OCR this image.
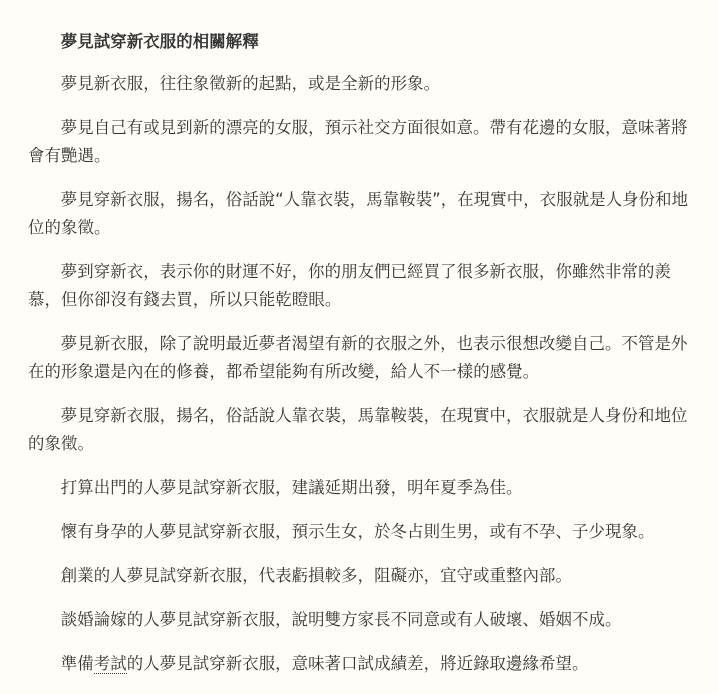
夢見試穿新衣服的相關解釋

夢見新衣服，往往象徵新的起點，或是全新的形象。

夢見自己有或見到新的漂亮的女服，預示社交方面很如意。帶有花邊的女服，意味著將會有艷遇。

夢見穿新衣服，揚名，俗話說“人靠衣裝，馬靠鞍裝”，在現實中，衣服就是人身份和地位的象徵。

夢到穿新衣，表示你的財運不好，你的朋友們已經買了很多新衣服，你雖然非常的羨慕，但你卻沒有錢去買，所以只能乾瞪眼。

夢見新衣服，除了說明最近夢者渴望有新的衣服之外，也表示很想改變自己。不管是外在的形象還是內在的修養，都希望能夠有所改變，給人不一樣的感覺。

夢見穿新衣服，揚名，俗話說人靠衣裝，馬靠鞍裝，在現實中，衣服就是人身份和地位的象徵。

打算出門的人夢見試穿新衣服，建議延期出發，明年夏季為佳。

懷有身孕的人夢見試穿新衣服，預示生女，於冬占則生男，或有不孕、子少現象。

創業的人夢見試穿新衣服，代表虧損較多，阻礙亦，宜守或重整內部。

談婚論嫁的人夢見試穿新衣服，說明雙方家長不同意或有人破壞、婚姻不成。

準備考試的人夢見試穿新衣服，意味著口試成績差，將近錄取邊緣希望。
